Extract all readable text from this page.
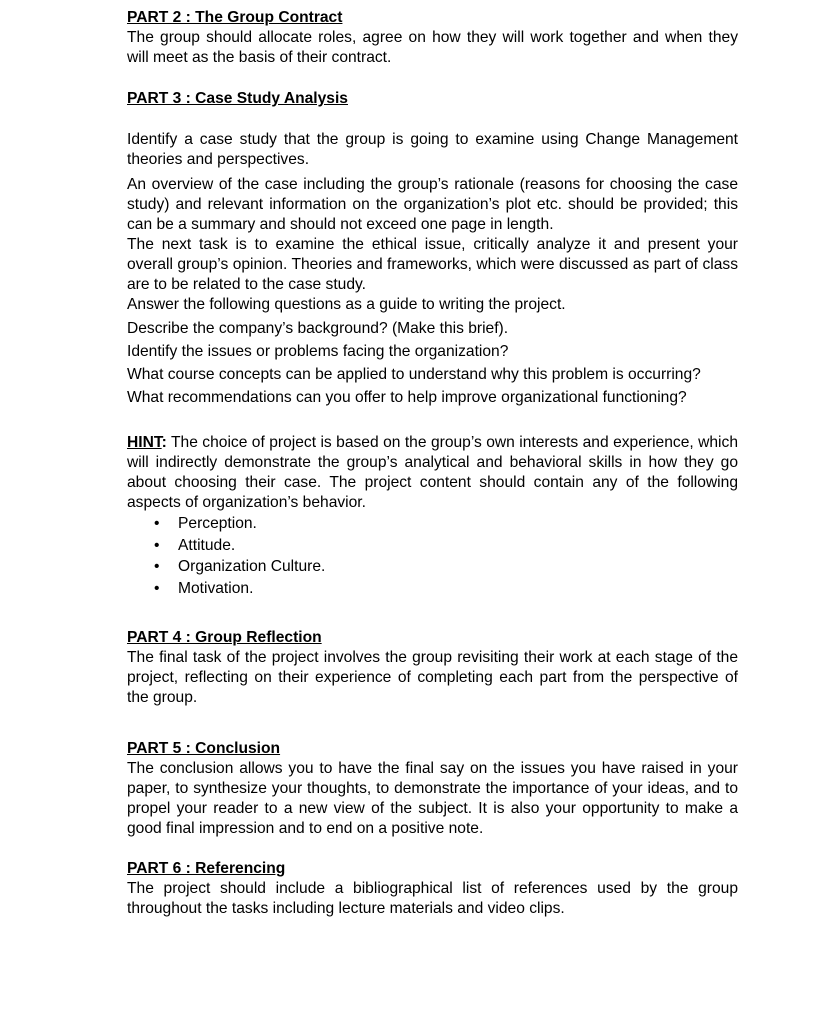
PART 2 : The Group Contract

The group should allocate roles, agree on how they will work together and when they will meet as the basis of their contract.

PART 3 : Case Study Analysis

Identify a case study that the group is going to examine using Change Management theories and perspectives.

An overview of the case including the group’s rationale (reasons for choosing the case study) and relevant information on the organization’s plot etc. should be provided; this can be a summary and should not exceed one page in length.

The next task is to examine the ethical issue, critically analyze it and present your overall group’s opinion. Theories and frameworks, which were discussed as part of class are to be related to the case study.

Answer the following questions as a guide to writing the project.

Describe the company’s background? (Make this brief).

Identify the issues or problems facing the organization?

What course concepts can be applied to understand why this problem is occurring?

What recommendations can you offer to help improve organizational functioning?

HINT: The choice of project is based on the group’s own interests and experience, which will indirectly demonstrate the group’s analytical and behavioral skills in how they go about choosing their case. The project content should contain any of the following aspects of organization’s behavior.

• Perception.
• Attitude.
• Organization Culture.
• Motivation.

PART 4 : Group Reflection

The final task of the project involves the group revisiting their work at each stage of the project, reflecting on their experience of completing each part from the perspective of the group.

PART 5 : Conclusion

The conclusion allows you to have the final say on the issues you have raised in your paper, to synthesize your thoughts, to demonstrate the importance of your ideas, and to propel your reader to a new view of the subject. It is also your opportunity to make a good final impression and to end on a positive note.

PART 6 : Referencing

The project should include a bibliographical list of references used by the group throughout the tasks including lecture materials and video clips.
